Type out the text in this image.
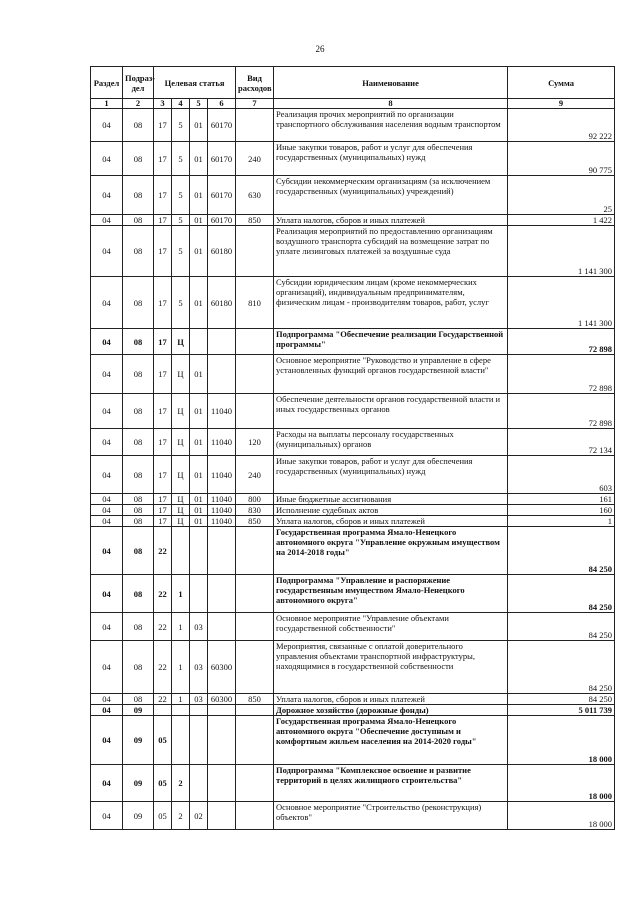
26
Раздел	Подраз-дел	Целевая статья				Вид расходов	Наименование	Сумма
1	2	3	4	5	6	7	8	9
04	08	17	5	01	60170		Реализация прочих мероприятий по организации транспортного обслуживания населения водным транспортом	92 222
04	08	17	5	01	60170	240	Иные закупки товаров, работ и услуг для обеспечения государственных (муниципальных) нужд	90 775
04	08	17	5	01	60170	630	Субсидии некоммерческим организациям (за исключением государственных (муниципальных) учреждений)	25
04	08	17	5	01	60170	850	Уплата налогов, сборов и иных платежей	1 422
04	08	17	5	01	60180		Реализация мероприятий по предоставлению организациям воздушного транспорта субсидий на возмещение затрат по уплате лизинговых платежей за воздушные суда	1 141 300
04	08	17	5	01	60180	810	Субсидии юридическим лицам (кроме некоммерческих организаций), индивидуальным предпринимателям, физическим лицам - производителям товаров, работ, услуг	1 141 300
04	08	17	Ц				Подпрограмма "Обеспечение реализации Государственной программы"	72 898
04	08	17	Ц	01			Основное мероприятие "Руководство и управление в сфере установленных функций органов государственной власти"	72 898
04	08	17	Ц	01	11040		Обеспечение деятельности органов государственной власти и иных государственных органов	72 898
04	08	17	Ц	01	11040	120	Расходы на выплаты персоналу государственных (муниципальных) органов	72 134
04	08	17	Ц	01	11040	240	Иные закупки товаров, работ и услуг для обеспечения государственных (муниципальных) нужд	603
04	08	17	Ц	01	11040	800	Иные бюджетные ассигнования	161
04	08	17	Ц	01	11040	830	Исполнение судебных актов	160
04	08	17	Ц	01	11040	850	Уплата налогов, сборов и иных платежей	1
04	08	22					Государственная программа Ямало-Ненецкого автономного округа "Управление окружным имуществом на 2014-2018 годы"	84 250
04	08	22	1				Подпрограмма "Управление и распоряжение государственным имуществом Ямало-Ненецкого автономного округа"	84 250
04	08	22	1	03			Основное мероприятие "Управление объектами государственной собственности"	84 250
04	08	22	1	03	60300		Мероприятия, связанные с оплатой доверительного управления объектами транспортной инфраструктуры, находящимися в государственной собственности	84 250
04	08	22	1	03	60300	850	Уплата налогов, сборов и иных платежей	84 250
04	09						Дорожное хозяйство (дорожные фонды)	5 011 739
04	09	05					Государственная программа Ямало-Ненецкого автономного округа "Обеспечение доступным и комфортным жильем населения на 2014-2020 годы"	18 000
04	09	05	2				Подпрограмма "Комплексное освоение и развитие территорий в целях жилищного строительства"	18 000
04	09	05	2	02			Основное мероприятие "Строительство (реконструкция) объектов"	18 000
